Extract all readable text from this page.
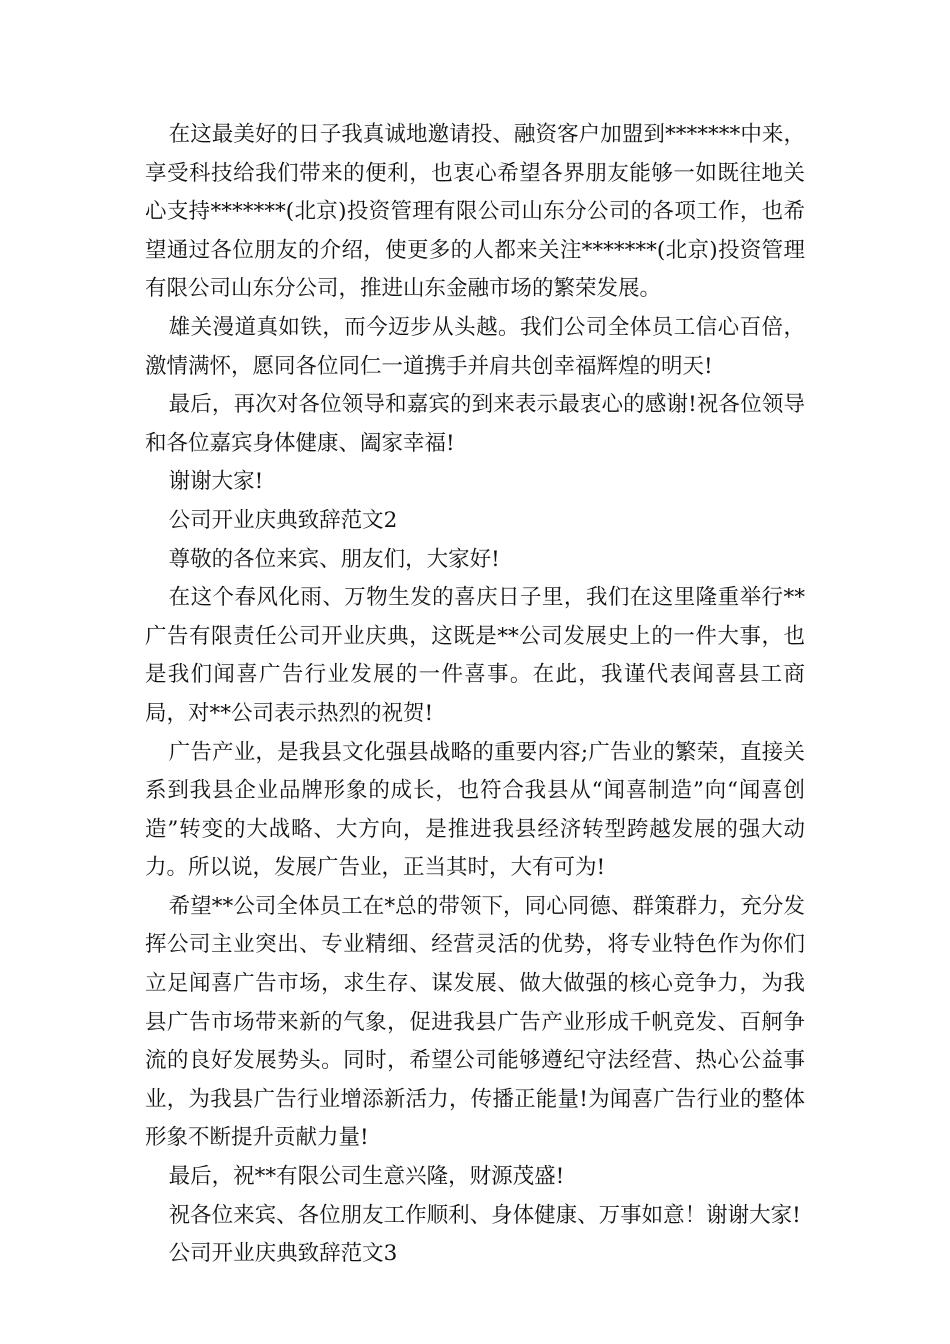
在这最美好的日子我真诚地邀请投、融资客户加盟到*******中来，享受科技给我们带来的便利，也衷心希望各界朋友能够一如既往地关心支持*******(北京)投资管理有限公司山东分公司的各项工作，也希望通过各位朋友的介绍，使更多的人都来关注*******(北京)投资管理有限公司山东分公司，推进山东金融市场的繁荣发展。

雄关漫道真如铁，而今迈步从头越。我们公司全体员工信心百倍，激情满怀，愿同各位同仁一道携手并肩共创幸福辉煌的明天!

最后，再次对各位领导和嘉宾的到来表示最衷心的感谢!祝各位领导和各位嘉宾身体健康、阖家幸福!

谢谢大家!

公司开业庆典致辞范文2

尊敬的各位来宾、朋友们，大家好!

在这个春风化雨、万物生发的喜庆日子里，我们在这里隆重举行**广告有限责任公司开业庆典，这既是**公司发展史上的一件大事，也是我们闻喜广告行业发展的一件喜事。在此，我谨代表闻喜县工商局，对**公司表示热烈的祝贺!

广告产业，是我县文化强县战略的重要内容;广告业的繁荣，直接关系到我县企业品牌形象的成长，也符合我县从“闻喜制造”向“闻喜创造”转变的大战略、大方向，是推进我县经济转型跨越发展的强大动力。所以说，发展广告业，正当其时，大有可为!

希望**公司全体员工在*总的带领下，同心同德、群策群力，充分发挥公司主业突出、专业精细、经营灵活的优势，将专业特色作为你们立足闻喜广告市场，求生存、谋发展、做大做强的核心竞争力，为我县广告市场带来新的气象，促进我县广告产业形成千帆竞发、百舸争流的良好发展势头。同时，希望公司能够遵纪守法经营、热心公益事业，为我县广告行业增添新活力，传播正能量!为闻喜广告行业的整体形象不断提升贡献力量!

最后，祝**有限公司生意兴隆，财源茂盛!

祝各位来宾、各位朋友工作顺利、身体健康、万事如意！谢谢大家!

公司开业庆典致辞范文3
